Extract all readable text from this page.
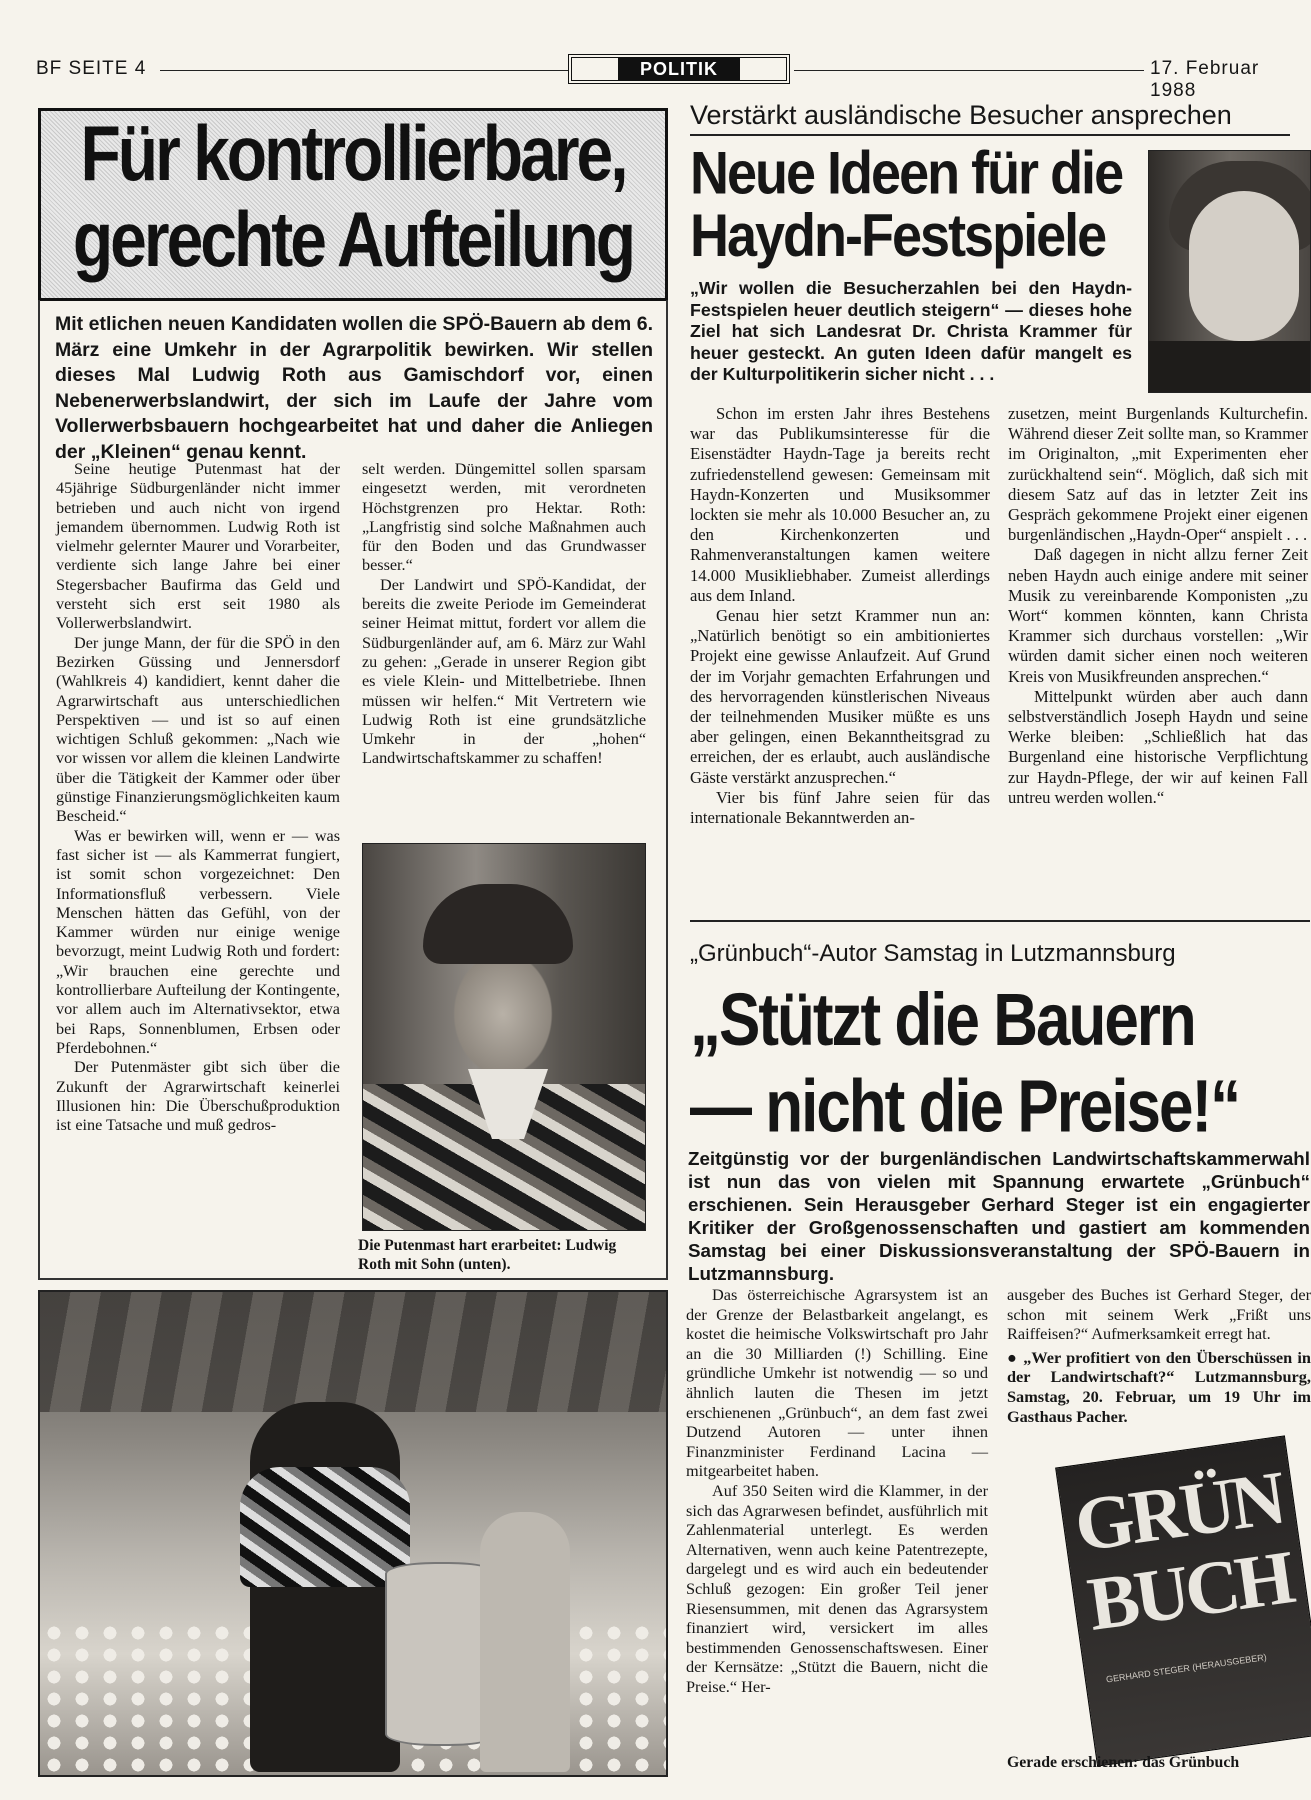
BF SEITE 4	POLITIK	17. Februar 1988
Für kontrollierbare,
gerechte Aufteilung
Mit etlichen neuen Kandidaten wollen die SPÖ-Bauern ab dem 6. März eine Umkehr in der Agrarpolitik bewirken. Wir stellen dieses Mal Ludwig Roth aus Gamischdorf vor, einen Nebenerwerbslandwirt, der sich im Laufe der Jahre vom Vollerwerbsbauern hochgearbeitet hat und daher die Anliegen der „Kleinen“ genau kennt.

Seine heutige Putenmast hat der 45jährige Südburgenländer nicht immer betrieben und auch nicht von irgend jemandem übernommen. Ludwig Roth ist vielmehr gelernter Maurer und Vorarbeiter, verdiente sich lange Jahre bei einer Stegersbacher Baufirma das Geld und versteht sich erst seit 1980 als Vollerwerbslandwirt.

Der junge Mann, der für die SPÖ in den Bezirken Güssing und Jennersdorf (Wahlkreis 4) kandidiert, kennt daher die Agrarwirtschaft aus unterschiedlichen Perspektiven — und ist so auf einen wichtigen Schluß gekommen: „Nach wie vor wissen vor allem die kleinen Landwirte über die Tätigkeit der Kammer oder über günstige Finanzierungsmöglichkeiten kaum Bescheid.“

Was er bewirken will, wenn er — was fast sicher ist — als Kammerrat fungiert, ist somit schon vorgezeichnet: Den Informationsfluß verbessern. Viele Menschen hätten das Gefühl, von der Kammer würden nur einige wenige bevorzugt, meint Ludwig Roth und fordert: „Wir brauchen eine gerechte und kontrollierbare Aufteilung der Kontingente, vor allem auch im Alternativsektor, etwa bei Raps, Sonnenblumen, Erbsen oder Pferdebohnen.“

Der Putenmäster gibt sich über die Zukunft der Agrarwirtschaft keinerlei Illusionen hin: Die Überschußproduktion ist eine Tatsache und muß gedros-

selt werden. Düngemittel sollen sparsam eingesetzt werden, mit verordneten Höchstgrenzen pro Hektar. Roth: „Langfristig sind solche Maßnahmen auch für den Boden und das Grundwasser besser.“

Der Landwirt und SPÖ-Kandidat, der bereits die zweite Periode im Gemeinderat seiner Heimat mittut, fordert vor allem die Südburgenländer auf, am 6. März zur Wahl zu gehen: „Gerade in unserer Region gibt es viele Klein- und Mittelbetriebe. Ihnen müssen wir helfen.“ Mit Vertretern wie Ludwig Roth ist eine grundsätzliche Umkehr in der „hohen“ Landwirtschaftskammer zu schaffen!

Die Putenmast hart erarbeitet: Ludwig Roth mit Sohn (unten).
Verstärkt ausländische Besucher ansprechen
Neue Ideen für die Haydn-Festspiele
„Wir wollen die Besucherzahlen bei den Haydn-Festspielen heuer deutlich steigern“ — dieses hohe Ziel hat sich Landesrat Dr. Christa Krammer für heuer gesteckt. An guten Ideen dafür mangelt es der Kulturpolitikerin sicher nicht . . .

Schon im ersten Jahr ihres Bestehens war das Publikumsinteresse für die Eisenstädter Haydn-Tage ja bereits recht zufriedenstellend gewesen: Gemeinsam mit Haydn-Konzerten und Musiksommer lockten sie mehr als 10.000 Besucher an, zu den Kirchenkonzerten und Rahmenveranstaltungen kamen weitere 14.000 Musikliebhaber. Zumeist allerdings aus dem Inland.

Genau hier setzt Krammer nun an: „Natürlich benötigt so ein ambitioniertes Projekt eine gewisse Anlaufzeit. Auf Grund der im Vorjahr gemachten Erfahrungen und des hervorragenden künstlerischen Niveaus der teilnehmenden Musiker müßte es uns aber gelingen, einen Bekanntheitsgrad zu erreichen, der es erlaubt, auch ausländische Gäste verstärkt anzusprechen.“

Vier bis fünf Jahre seien für das internationale Bekanntwerden an-

zusetzen, meint Burgenlands Kulturchefin. Während dieser Zeit sollte man, so Krammer im Originalton, „mit Experimenten eher zurückhaltend sein“. Möglich, daß sich mit diesem Satz auf das in letzter Zeit ins Gespräch gekommene Projekt einer eigenen burgenländischen „Haydn-Oper“ anspielt . . .

Daß dagegen in nicht allzu ferner Zeit neben Haydn auch einige andere mit seiner Musik zu vereinbarende Komponisten „zu Wort“ kommen könnten, kann Christa Krammer sich durchaus vorstellen: „Wir würden damit sicher einen noch weiteren Kreis von Musikfreunden ansprechen.“

Mittelpunkt würden aber auch dann selbstverständlich Joseph Haydn und seine Werke bleiben: „Schließlich hat das Burgenland eine historische Verpflichtung zur Haydn-Pflege, der wir auf keinen Fall untreu werden wollen.“

„Grünbuch“-Autor Samstag in Lutzmannsburg
„Stützt die Bauern
— nicht die Preise!“
Zeitgünstig vor der burgenländischen Landwirtschaftskammerwahl ist nun das von vielen mit Spannung erwartete „Grünbuch“ erschienen. Sein Herausgeber Gerhard Steger ist ein engagierter Kritiker der Großgenossenschaften und gastiert am kommenden Samstag bei einer Diskussionsveranstaltung der SPÖ-Bauern in Lutzmannsburg.

Das österreichische Agrarsystem ist an der Grenze der Belastbarkeit angelangt, es kostet die heimische Volkswirtschaft pro Jahr an die 30 Milliarden (!) Schilling. Eine gründliche Umkehr ist notwendig — so und ähnlich lauten die Thesen im jetzt erschienenen „Grünbuch“, an dem fast zwei Dutzend Autoren — unter ihnen Finanzminister Ferdinand Lacina — mitgearbeitet haben.

Auf 350 Seiten wird die Klammer, in der sich das Agrarwesen befindet, ausführlich mit Zahlenmaterial unterlegt. Es werden Alternativen, wenn auch keine Patentrezepte, dargelegt und es wird auch ein bedeutender Schluß gezogen: Ein großer Teil jener Riesensummen, mit denen das Agrarsystem finanziert wird, versickert im alles bestimmenden Genossenschaftswesen. Einer der Kernsätze: „Stützt die Bauern, nicht die Preise.“ Her-

ausgeber des Buches ist Gerhard Steger, der schon mit seinem Werk „Frißt uns Raiffeisen?“ Aufmerksamkeit erregt hat.

● „Wer profitiert von den Überschüssen in der Landwirtschaft?“ Lutzmannsburg, Samstag, 20. Februar, um 19 Uhr im Gasthaus Pacher.

GRÜN
BUCH
GERHARD STEGER (HERAUSGEBER)
Gerade erschienen: das Grünbuch
